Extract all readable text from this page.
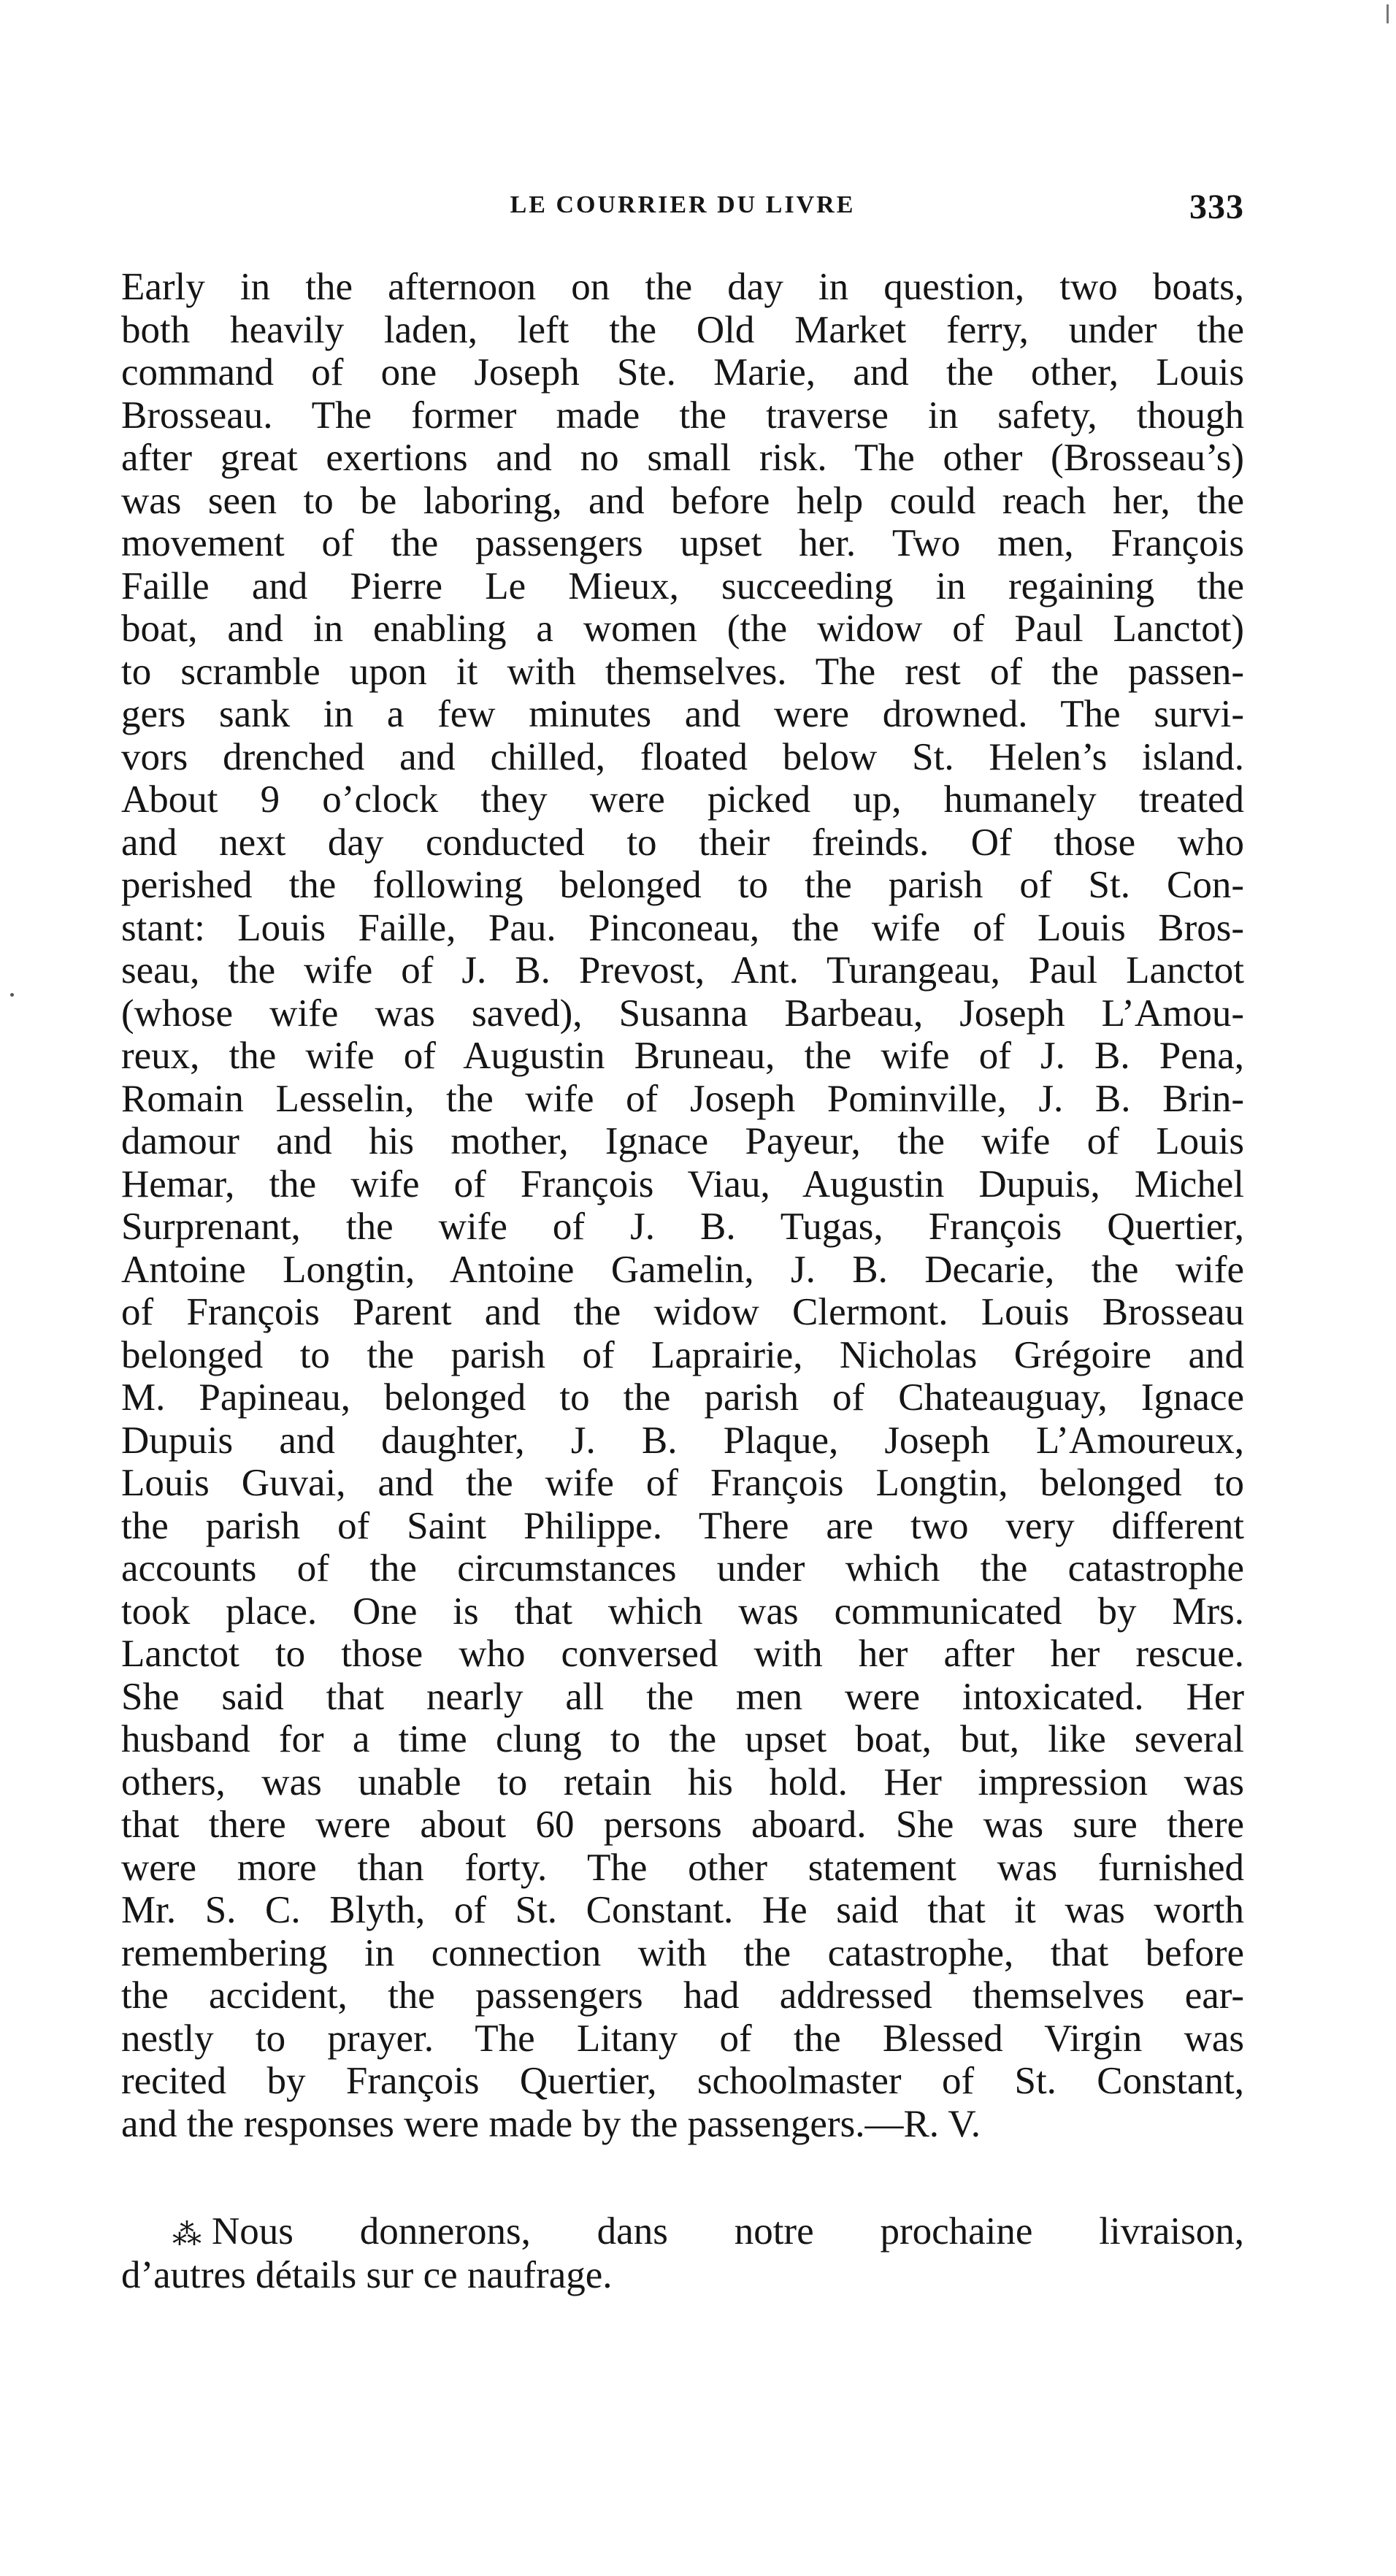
LE COURRIER DU LIVRE	333
Early in the afternoon on the day in question, two boats,
both heavily laden, left the Old Market ferry, under the
command of one Joseph Ste. Marie, and the other, Louis
Brosseau. The former made the traverse in safety, though
after great exertions and no small risk. The other (Brosseau’s)
was seen to be laboring, and before help could reach her, the
movement of the passengers upset her. Two men, François
Faille and Pierre Le Mieux, succeeding in regaining the
boat, and in enabling a women (the widow of Paul Lanctot)
to scramble upon it with themselves. The rest of the passen-
gers sank in a few minutes and were drowned. The survi-
vors drenched and chilled, floated below St. Helen’s island.
About 9 o’clock they were picked up, humanely treated
and next day conducted to their freinds. Of those who
perished the following belonged to the parish of St. Con-
stant: Louis Faille, Pau. Pinconeau, the wife of Louis Bros-
seau, the wife of J. B. Prevost, Ant. Turangeau, Paul Lanctot
(whose wife was saved), Susanna Barbeau, Joseph L’Amou-
reux, the wife of Augustin Bruneau, the wife of J. B. Pena,
Romain Lesselin, the wife of Joseph Pominville, J. B. Brin-
damour and his mother, Ignace Payeur, the wife of Louis
Hemar, the wife of François Viau, Augustin Dupuis, Michel
Surprenant, the wife of J. B. Tugas, François Quertier,
Antoine Longtin, Antoine Gamelin, J. B. Decarie, the wife
of François Parent and the widow Clermont. Louis Brosseau
belonged to the parish of Laprairie, Nicholas Grégoire and
M. Papineau, belonged to the parish of Chateauguay, Ignace
Dupuis and daughter, J. B. Plaque, Joseph L’Amoureux,
Louis Guvai, and the wife of François Longtin, belonged to
the parish of Saint Philippe. There are two very different
accounts of the circumstances under which the catastrophe
took place. One is that which was communicated by Mrs.
Lanctot to those who conversed with her after her rescue.
She said that nearly all the men were intoxicated. Her
husband for a time clung to the upset boat, but, like several
others, was unable to retain his hold. Her impression was
that there were about 60 persons aboard. She was sure there
were more than forty. The other statement was furnished
Mr. S. C. Blyth, of St. Constant. He said that it was worth
remembering in connection with the catastrophe, that before
the accident, the passengers had addressed themselves ear-
nestly to prayer. The Litany of the Blessed Virgin was
recited by François Quertier, schoolmaster of St. Constant,
and the responses were made by the passengers.—R. V.
⁂ Nous donnerons, dans notre prochaine livraison,
d’autres détails sur ce naufrage.
